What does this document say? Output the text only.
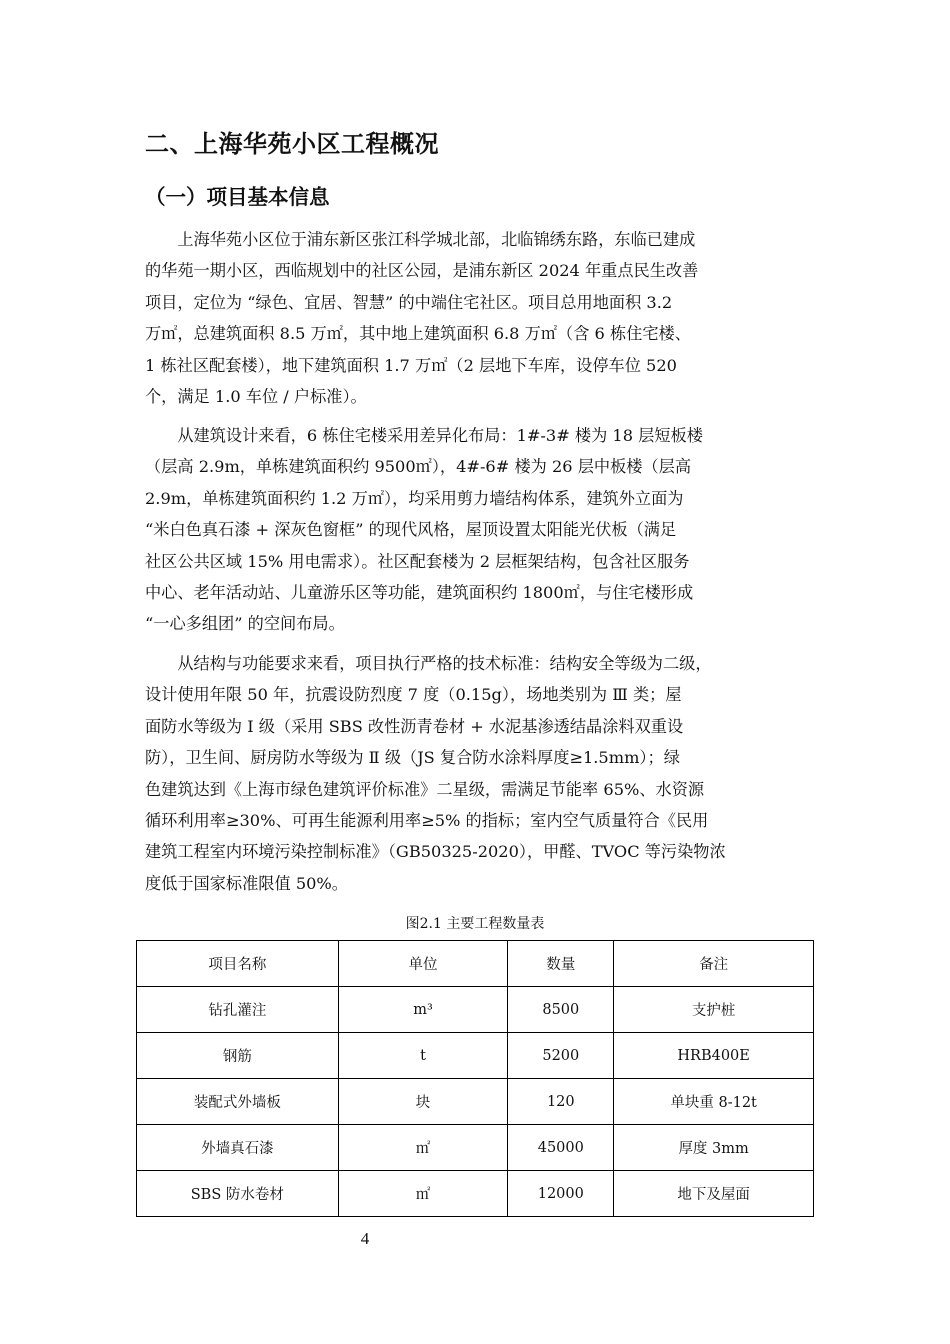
二、上海华苑小区工程概况
（一）项目基本信息
　　上海华苑小区位于浦东新区张江科学城北部，北临锦绣东路，东临已建成
的华苑一期小区，西临规划中的社区公园，是浦东新区 2024 年重点民生改善
项目，定位为 “绿色、宜居、智慧” 的中端住宅社区。项目总用地面积 3.2
万㎡，总建筑面积 8.5 万㎡，其中地上建筑面积 6.8 万㎡（含 6 栋住宅楼、
1 栋社区配套楼），地下建筑面积 1.7 万㎡（2 层地下车库，设停车位 520
个，满足 1.0 车位 / 户标准）。
　　从建筑设计来看，6 栋住宅楼采用差异化布局：1#-3# 楼为 18 层短板楼
（层高 2.9m，单栋建筑面积约 9500㎡），4#-6# 楼为 26 层中板楼（层高
2.9m，单栋建筑面积约 1.2 万㎡），均采用剪力墙结构体系，建筑外立面为
“米白色真石漆 + 深灰色窗框” 的现代风格，屋顶设置太阳能光伏板（满足
社区公共区域 15% 用电需求）。社区配套楼为 2 层框架结构，包含社区服务
中心、老年活动站、儿童游乐区等功能，建筑面积约 1800㎡，与住宅楼形成
“一心多组团” 的空间布局。
　　从结构与功能要求来看，项目执行严格的技术标准：结构安全等级为二级，
设计使用年限 50 年，抗震设防烈度 7 度（0.15g），场地类别为 Ⅲ 类；屋
面防水等级为 Ⅰ 级（采用 SBS 改性沥青卷材 + 水泥基渗透结晶涂料双重设
防），卫生间、厨房防水等级为 Ⅱ 级（JS 复合防水涂料厚度≥1.5mm）；绿
色建筑达到《上海市绿色建筑评价标准》二星级，需满足节能率 65%、水资源
循环利用率≥30%、可再生能源利用率≥5% 的指标；室内空气质量符合《民用
建筑工程室内环境污染控制标准》（GB50325-2020），甲醛、TVOC 等污染物浓
度低于国家标准限值 50%。
图2.1 主要工程数量表
项目名称	单位	数量	备注
钻孔灌注	m³	8500	支护桩
钢筋	t	5200	HRB400E
装配式外墙板	块	120	单块重 8-12t
外墙真石漆	㎡	45000	厚度 3mm
SBS 防水卷材	㎡	12000	地下及屋面
4
